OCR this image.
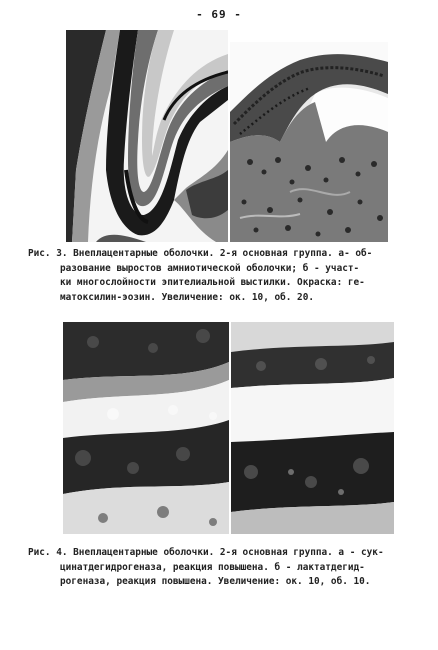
- 69 -
Рис. 3. Внеплацентарные оболочки. 2-я основная группа. а- об-
разование выростов амниотической оболочки; б - участ-
ки многослойности эпителиальной выстилки. Окраска: ге-
матоксилин-эозин. Увеличение: ок. 10, об. 20.
Рис. 4. Внеплацентарные оболочки. 2-я основная группа. а - сук-
цинатдегидрогеназа, реакция повышена. б - лактатдегид-
рогеназа, реакция повышена. Увеличение: ок. 10, об. 10.
